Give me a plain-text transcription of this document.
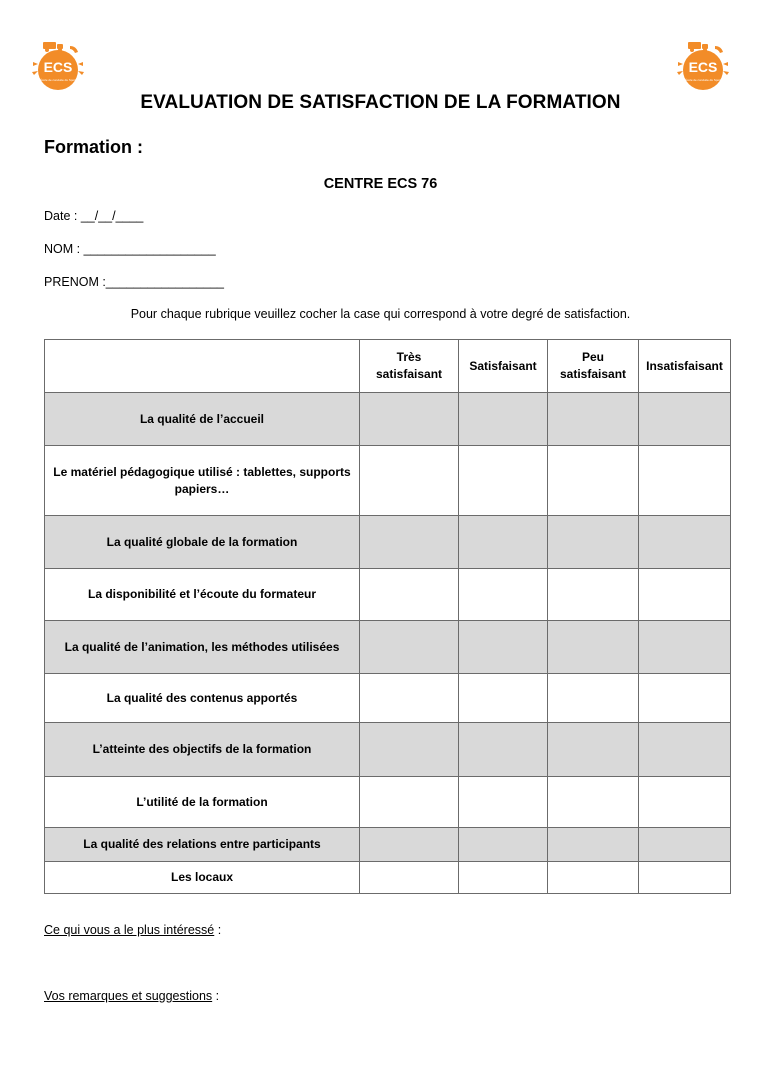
ECS
École de conduite du Sport
ECS
École de conduite du Sport
EVALUATION DE SATISFACTION DE LA FORMATION
Formation :
CENTRE ECS 76
Date : __/__/____
NOM : ___________________
PRENOM :_________________
Pour chaque rubrique veuillez cocher la case qui correspond à votre degré de satisfaction.
	Très satisfaisant	Satisfaisant	Peu satisfaisant	Insatisfaisant
La qualité de l’accueil				
Le matériel pédagogique utilisé : tablettes, supports papiers…				
La qualité globale de la formation				
La disponibilité et l’écoute du formateur				
La qualité de l’animation, les méthodes utilisées				
La qualité des contenus apportés				
L’atteinte des objectifs de la formation				
L’utilité de la formation				
La qualité des relations entre participants				
Les locaux				
Ce qui vous a le plus intéressé :
Vos remarques et suggestions :
